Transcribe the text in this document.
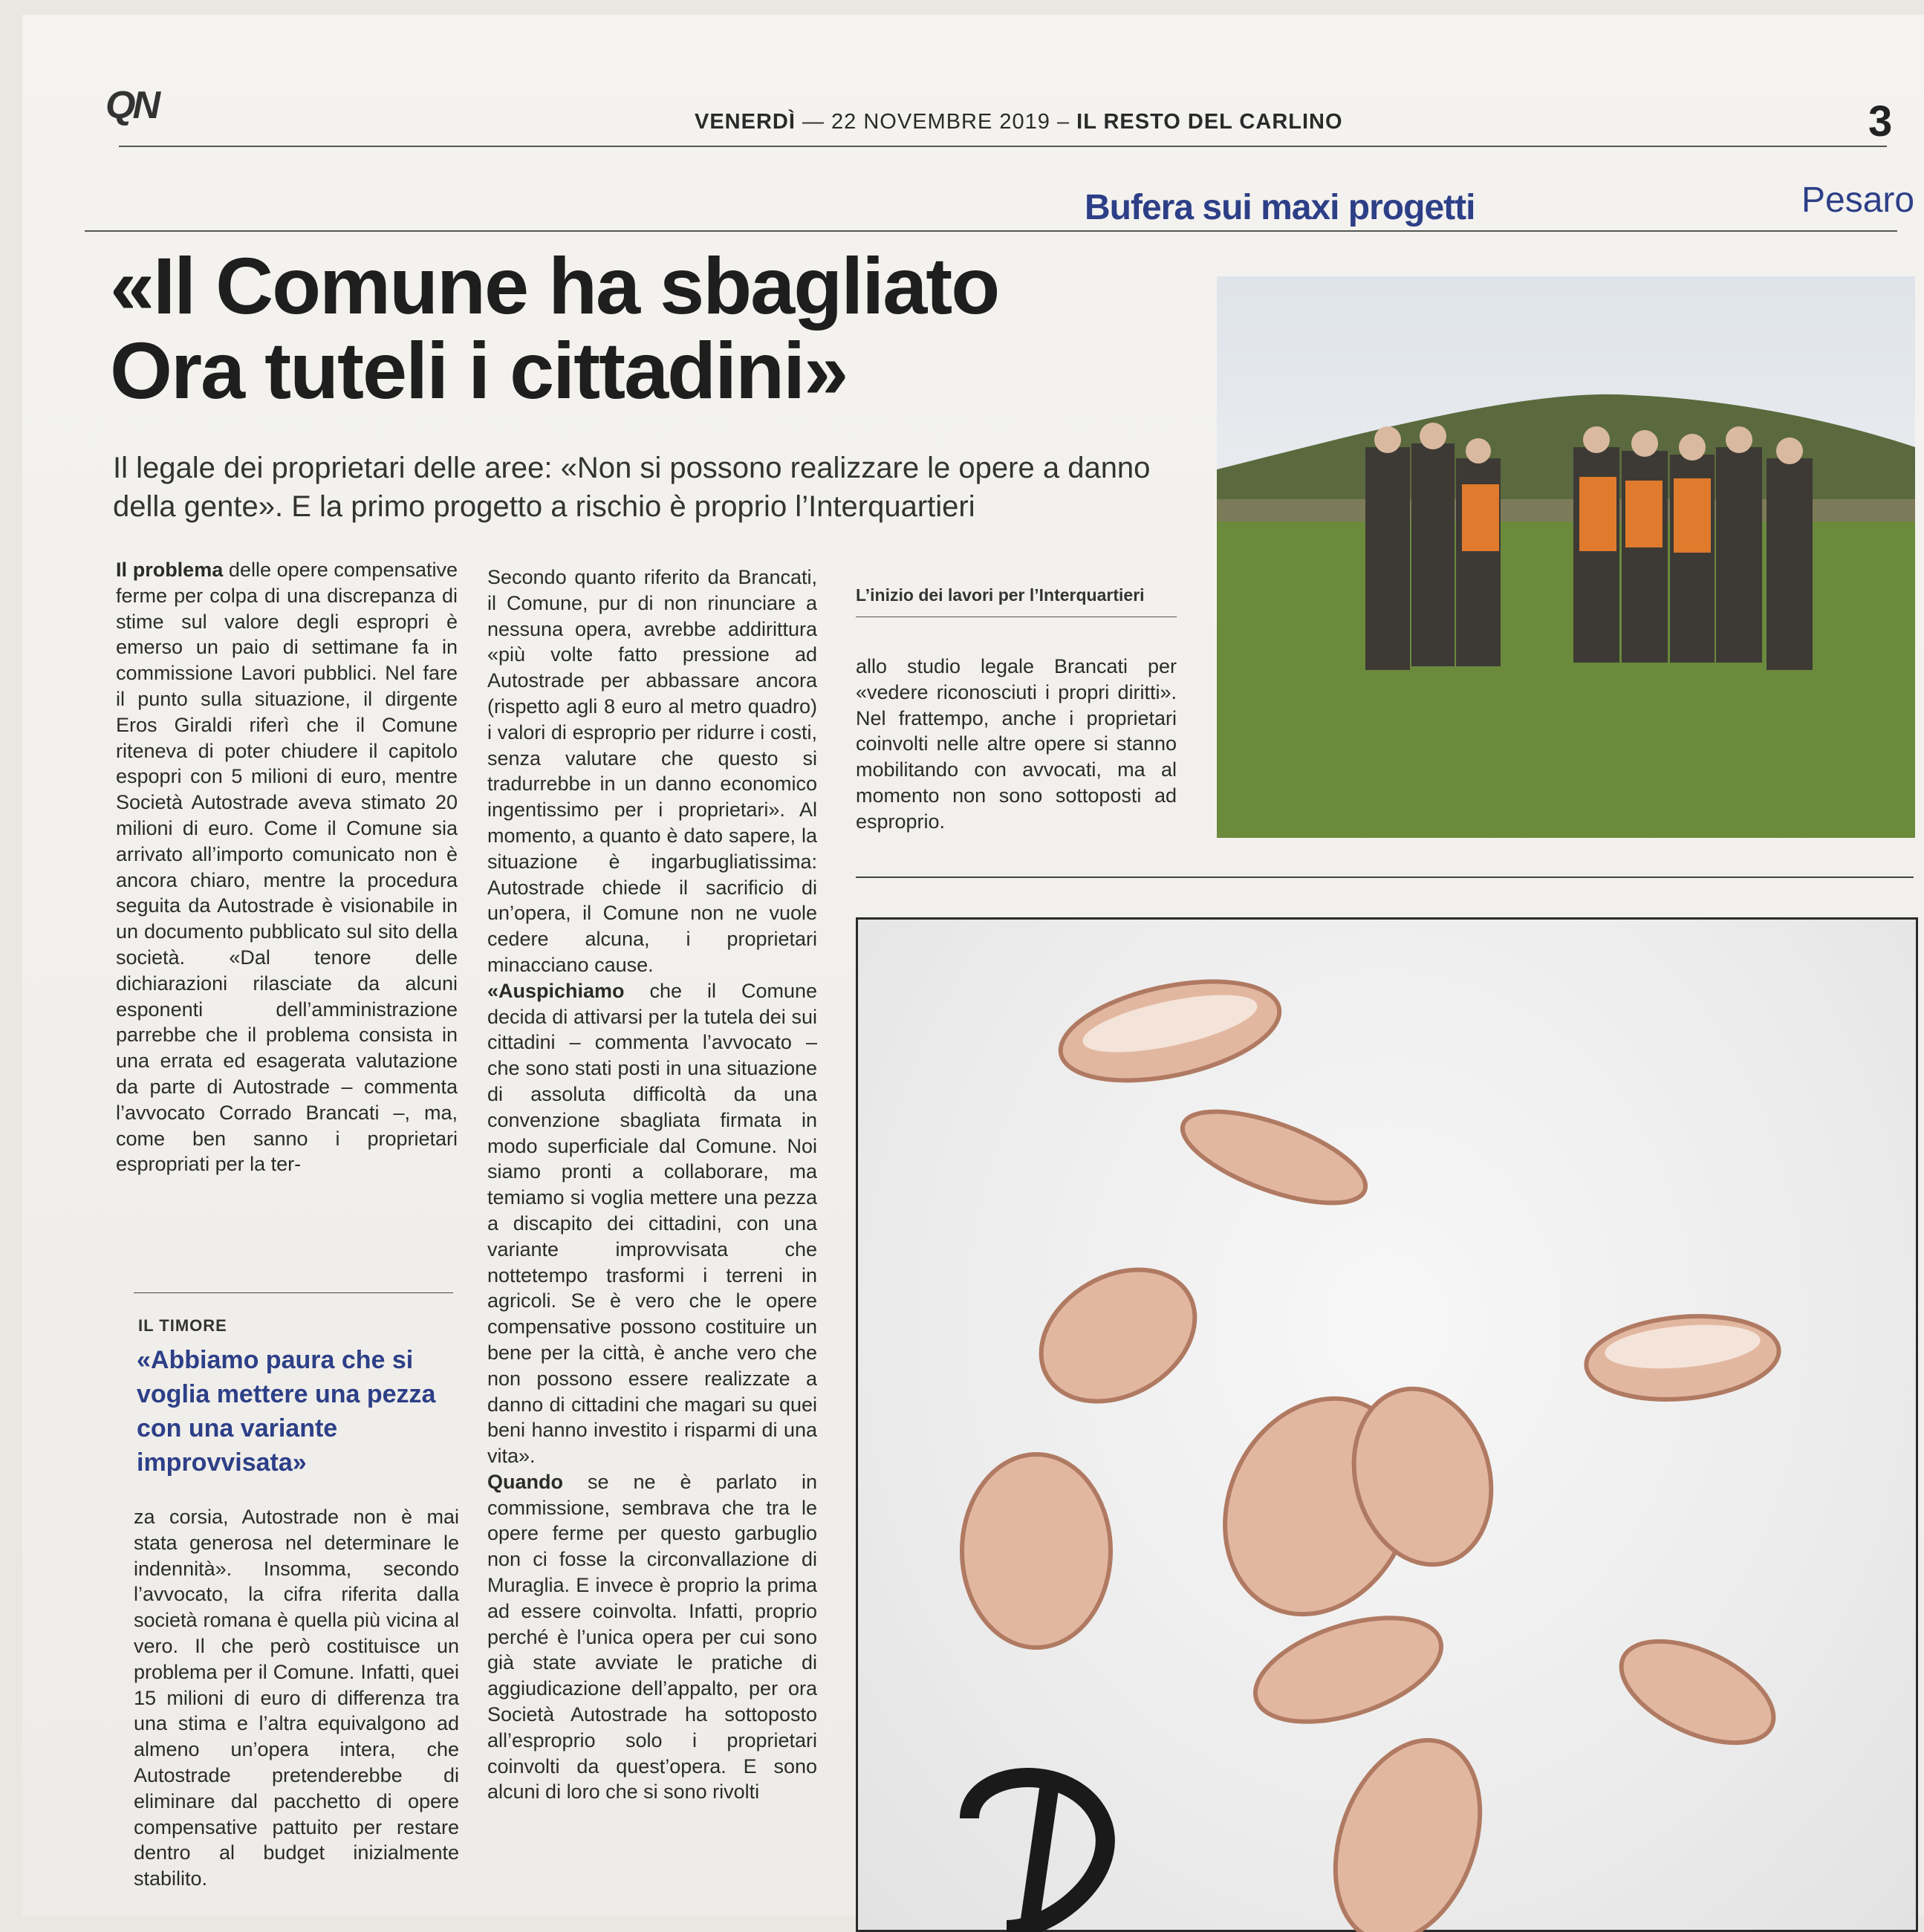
QN	VENERDÌ — 22 NOVEMBRE 2019 – IL RESTO DEL CARLINO	3
Bufera sui maxi progetti	Pesaro
«Il Comune ha sbagliato
Ora tuteli i cittadini»

Il legale dei proprietari delle aree: «Non si possono realizzare le opere a danno della gente». E la primo progetto a rischio è proprio l’Interquartieri

Il problema delle opere compensative ferme per colpa di una discrepanza di stime sul valore degli espropri è emerso un paio di settimane fa in commissione Lavori pubblici. Nel fare il punto sulla situazione, il dirgente Eros Giraldi riferì che il Comune riteneva di poter chiudere il capitolo espopri con 5 milioni di euro, mentre Società Autostrade aveva stimato 20 milioni di euro. Come il Comune sia arrivato all’importo comunicato non è ancora chiaro, mentre la procedura seguita da Autostrade è visionabile in un documento pubblicato sul sito della società. «Dal tenore delle dichiarazioni rilasciate da alcuni esponenti dell’amministrazione parrebbe che il problema consista in una errata ed esagerata valutazione da parte di Autostrade – commenta l’avvocato Corrado Brancati –, ma, come ben sanno i proprietari espropriati per la ter-

IL TIMORE

«Abbiamo paura che si voglia mettere una pezza con una variante improvvisata»

za corsia, Autostrade non è mai stata generosa nel determinare le indennità». Insomma, secondo l’avvocato, la cifra riferita dalla società romana è quella più vicina al vero. Il che però costituisce un problema per il Comune. Infatti, quei 15 milioni di euro di differenza tra una stima e l’altra equivalgono ad almeno un’opera intera, che Autostrade pretenderebbe di eliminare dal pacchetto di opere compensative pattuito per restare dentro al budget inizialmente stabilito.

Secondo quanto riferito da Brancati, il Comune, pur di non rinunciare a nessuna opera, avrebbe addirittura «più volte fatto pressione ad Autostrade per abbassare ancora (rispetto agli 8 euro al metro quadro) i valori di esproprio per ridurre i costi, senza valutare che questo si tradurrebbe in un danno economico ingentissimo per i proprietari». Al momento, a quanto è dato sapere, la situazione è ingarbugliatissima: Autostrade chiede il sacrificio di un’opera, il Comune non ne vuole cedere alcuna, i proprietari minacciano cause.
«Auspichiamo che il Comune decida di attivarsi per la tutela dei sui cittadini – commenta l’avvocato – che sono stati posti in una situazione di assoluta difficoltà da una convenzione sbagliata firmata in modo superficiale dal Comune. Noi siamo pronti a collaborare, ma temiamo si voglia mettere una pezza a discapito dei cittadini, con una variante improvvisata che nottetempo trasformi i terreni in agricoli. Se è vero che le opere compensative possono costituire un bene per la città, è anche vero che non possono essere realizzate a danno di cittadini che magari su quei beni hanno investito i risparmi di una vita».
Quando se ne è parlato in commissione, sembrava che tra le opere ferme per questo garbuglio non ci fosse la circonvallazione di Muraglia. E invece è proprio la prima ad essere coinvolta. Infatti, proprio perché è l’unica opera per cui sono già state avviate le pratiche di aggiudicazione dell’appalto, per ora Società Autostrade ha sottoposto all’esproprio solo i proprietari coinvolti da quest’opera. E sono alcuni di loro che si sono rivolti
L’inizio dei lavori per l’Interquartieri

allo studio legale Brancati per «vedere riconosciuti i propri diritti». Nel frattempo, anche i proprietari coinvolti nelle altre opere si stanno mobilitando con avvocati, ma al momento non sono sottoposti ad esproprio.
